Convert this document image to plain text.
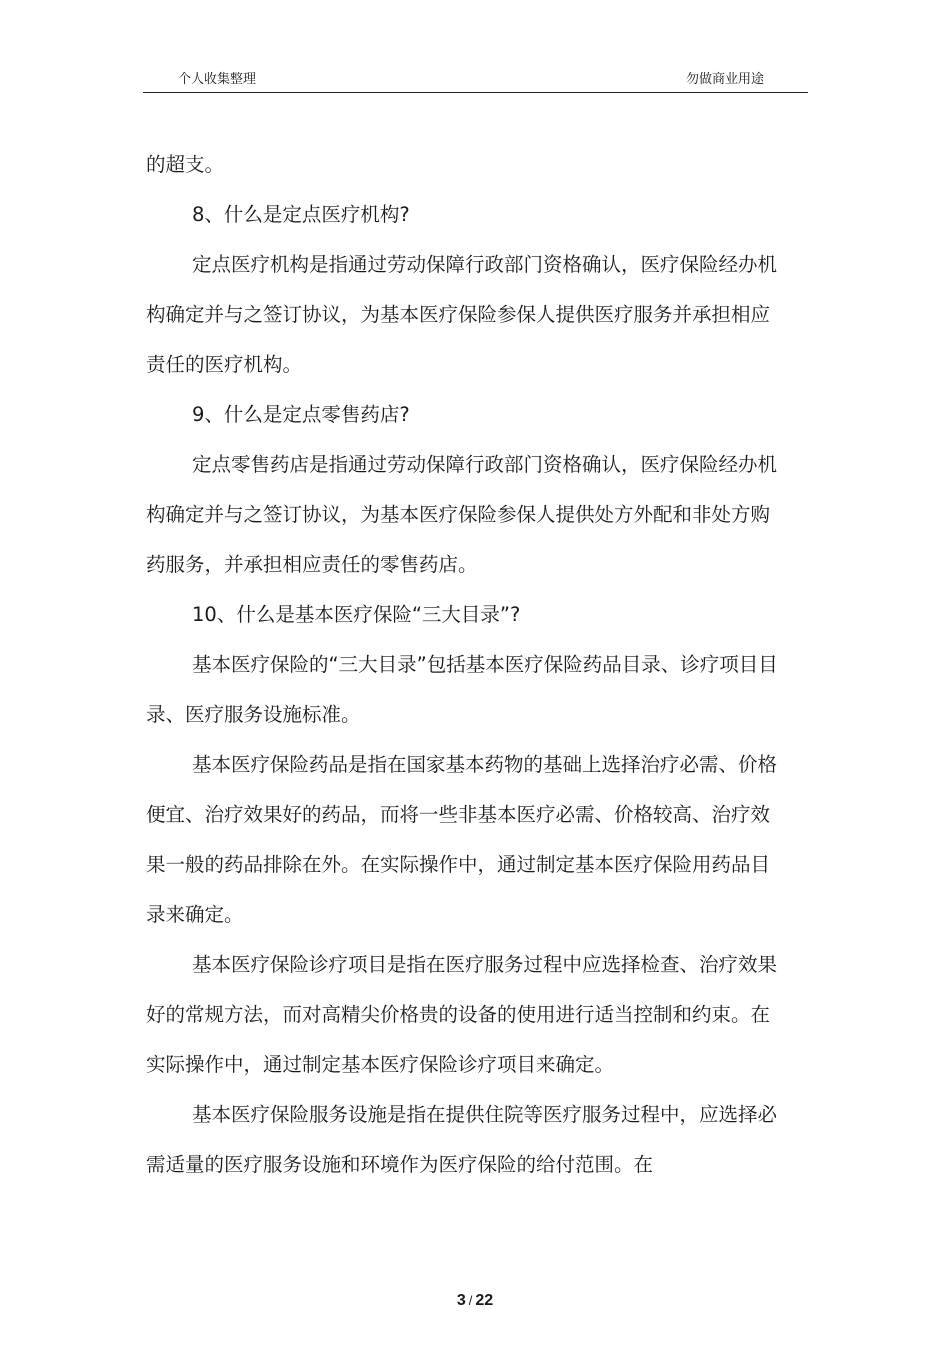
个人收集整理	勿做商业用途

的超支。

8、什么是定点医疗机构?

定点医疗机构是指通过劳动保障行政部门资格确认，医疗保险经办机构确定并与之签订协议，为基本医疗保险参保人提供医疗服务并承担相应责任的医疗机构。

9、什么是定点零售药店?

定点零售药店是指通过劳动保障行政部门资格确认，医疗保险经办机构确定并与之签订协议，为基本医疗保险参保人提供处方外配和非处方购药服务，并承担相应责任的零售药店。

10、什么是基本医疗保险“三大目录”?

基本医疗保险的“三大目录”包括基本医疗保险药品目录、诊疗项目目录、医疗服务设施标准。

基本医疗保险药品是指在国家基本药物的基础上选择治疗必需、价格便宜、治疗效果好的药品，而将一些非基本医疗必需、价格较高、治疗效果一般的药品排除在外。在实际操作中，通过制定基本医疗保险用药品目录来确定。

基本医疗保险诊疗项目是指在医疗服务过程中应选择检查、治疗效果好的常规方法，而对高精尖价格贵的设备的使用进行适当控制和约束。在实际操作中，通过制定基本医疗保险诊疗项目来确定。

基本医疗保险服务设施是指在提供住院等医疗服务过程中，应选择必需适量的医疗服务设施和环境作为医疗保险的给付范围。在

3 / 22
